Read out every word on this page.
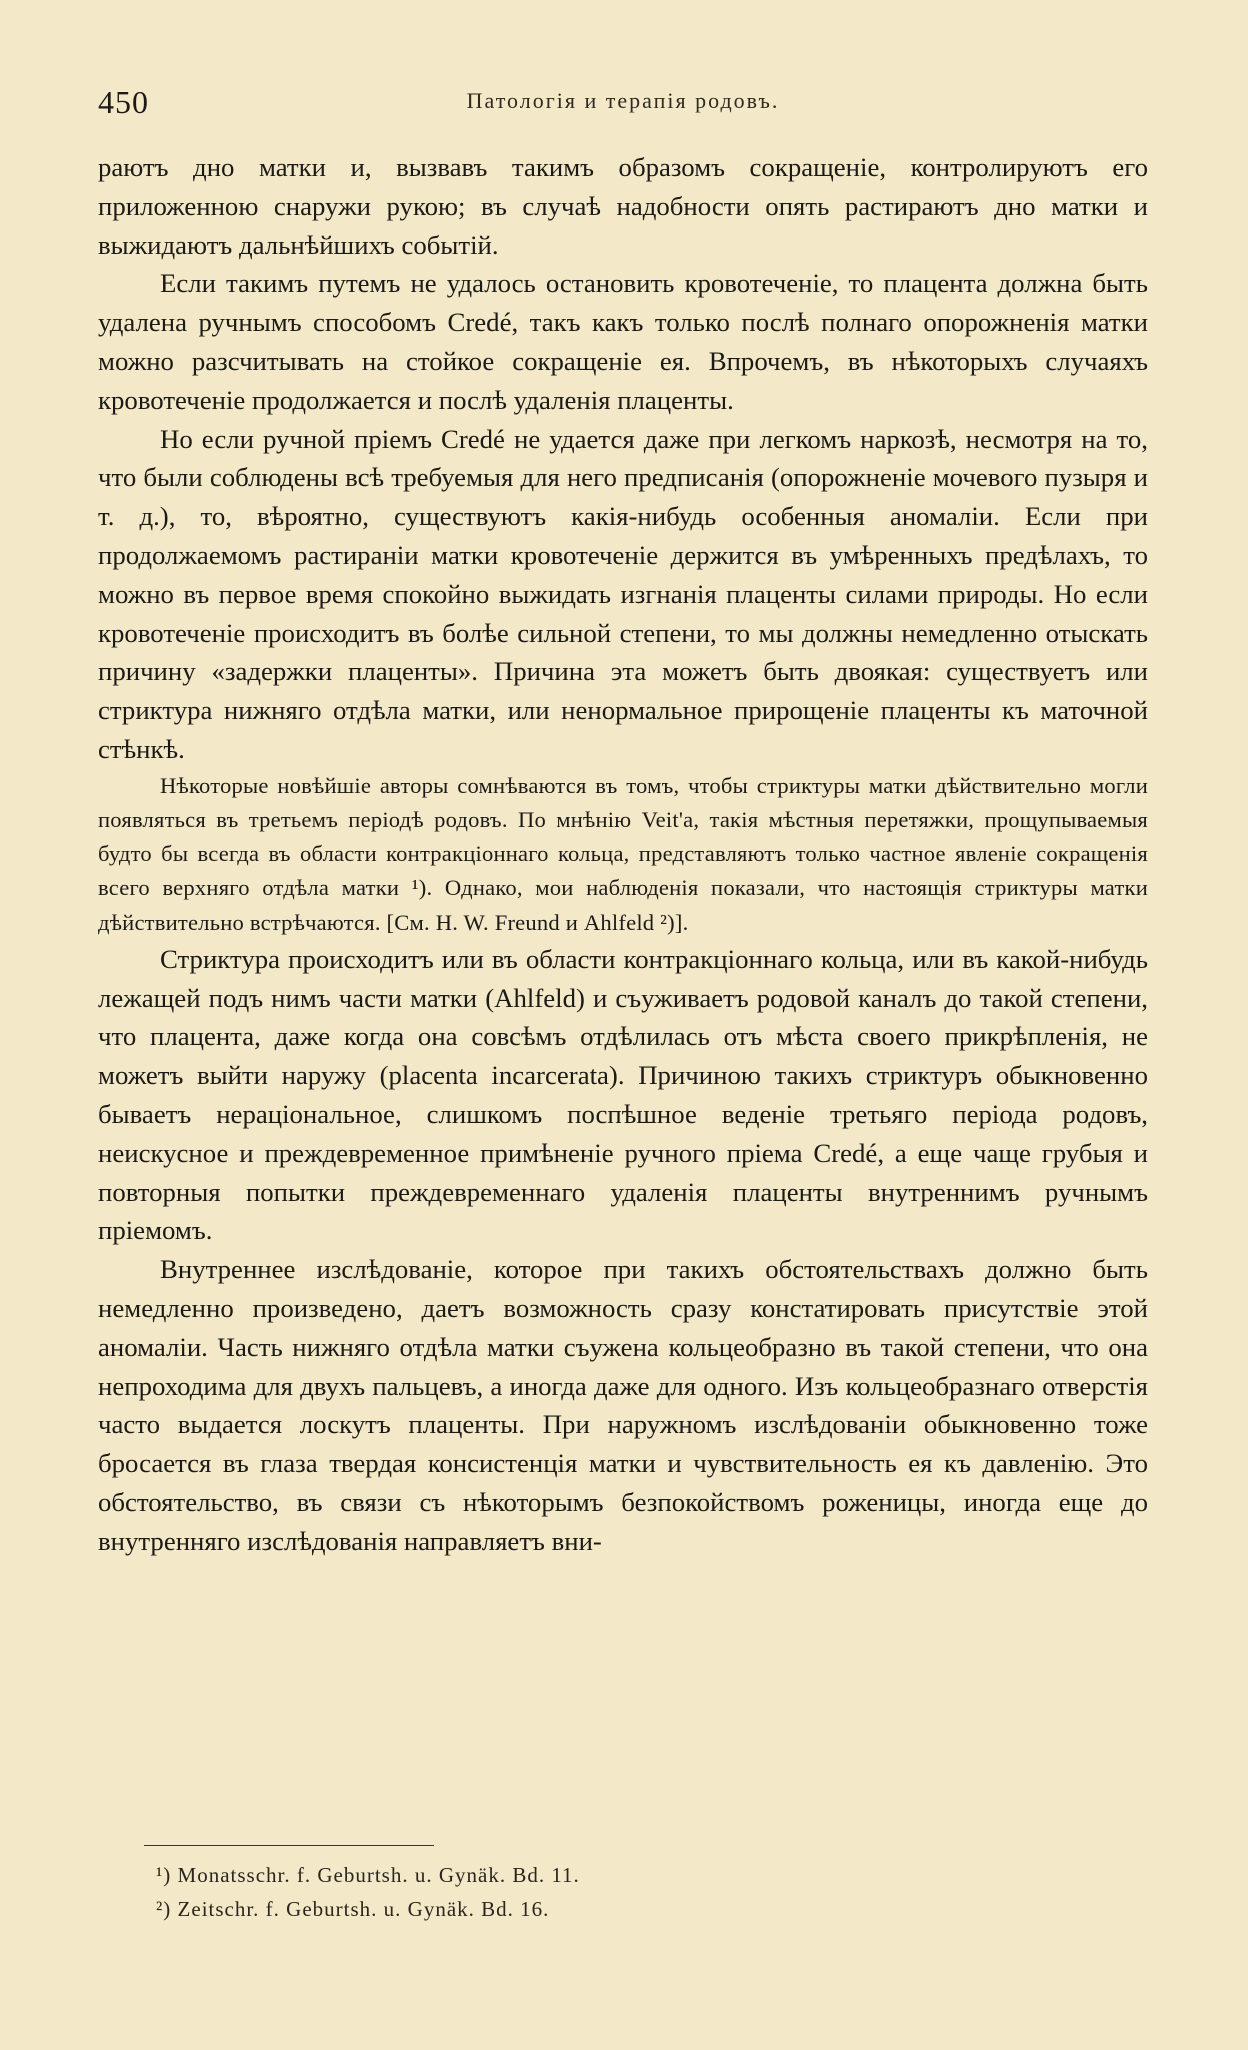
450	Патологія и терапія родовъ.

раютъ дно матки и, вызвавъ такимъ образомъ сокращеніе, контролируютъ его приложенною снаружи рукою; въ случаѣ надобности опять растираютъ дно матки и выжидаютъ дальнѣйшихъ событій.

Если такимъ путемъ не удалось остановить кровотеченіе, то плацента должна быть удалена ручнымъ способомъ Credé, такъ какъ только послѣ полнаго опорожненія матки можно разсчитывать на стойкое сокращеніе ея. Впрочемъ, въ нѣкоторыхъ случаяхъ кровотеченіе продолжается и послѣ удаленія плаценты.

Но если ручной пріемъ Credé не удается даже при легкомъ наркозѣ, несмотря на то, что были соблюдены всѣ требуемыя для него предписанія (опорожненіе мочевого пузыря и т. д.), то, вѣроятно, существуютъ какія-нибудь особенныя аномаліи. Если при продолжаемомъ растираніи матки кровотеченіе держится въ умѣренныхъ предѣлахъ, то можно въ первое время спокойно выжидать изгнанія плаценты силами природы. Но если кровотеченіе происходитъ въ болѣе сильной степени, то мы должны немедленно отыскать причину «задержки плаценты». Причина эта можетъ быть двоякая: существуетъ или стриктура нижняго отдѣла матки, или ненормальное прирощеніе плаценты къ маточной стѣнкѣ.

Нѣкоторые новѣйшіе авторы сомнѣваются въ томъ, чтобы стриктуры матки дѣйствительно могли появляться въ третьемъ періодѣ родовъ. По мнѣнію Veit'а, такія мѣстныя перетяжки, прощупываемыя будто бы всегда въ области контракціоннаго кольца, представляютъ только частное явленіе сокращенія всего верхняго отдѣла матки ¹). Однако, мои наблюденія показали, что настоящія стриктуры матки дѣйствительно встрѣчаются. [См. H. W. Freund и Ahlfeld ²)].

Стриктура происходитъ или въ области контракціоннаго кольца, или въ какой-нибудь лежащей подъ нимъ части матки (Ahlfeld) и съуживаетъ родовой каналъ до такой степени, что плацента, даже когда она совсѣмъ отдѣлилась отъ мѣста своего прикрѣпленія, не можетъ выйти наружу (placenta incarcerata). Причиною такихъ стриктуръ обыкновенно бываетъ нераціональное, слишкомъ поспѣшное веденіе третьяго періода родовъ, неискусное и преждевременное примѣненіе ручного пріема Credé, а еще чаще грубыя и повторныя попытки преждевременнаго удаленія плаценты внутреннимъ ручнымъ пріемомъ.

Внутреннее изслѣдованіе, которое при такихъ обстоятельствахъ должно быть немедленно произведено, даетъ возможность сразу констатировать присутствіе этой аномаліи. Часть нижняго отдѣла матки съужена кольцеобразно въ такой степени, что она непроходима для двухъ пальцевъ, а иногда даже для одного. Изъ кольцеобразнаго отверстія часто выдается лоскутъ плаценты. При наружномъ изслѣдованіи обыкновенно тоже бросается въ глаза твердая консистенція матки и чувствительность ея къ давленію. Это обстоятельство, въ связи съ нѣкоторымъ безпокойствомъ роженицы, иногда еще до внутренняго изслѣдованія направляетъ вни-

¹) Monatsschr. f. Geburtsh. u. Gynäk. Bd. 11.
²) Zeitschr. f. Geburtsh. u. Gynäk. Bd. 16.
